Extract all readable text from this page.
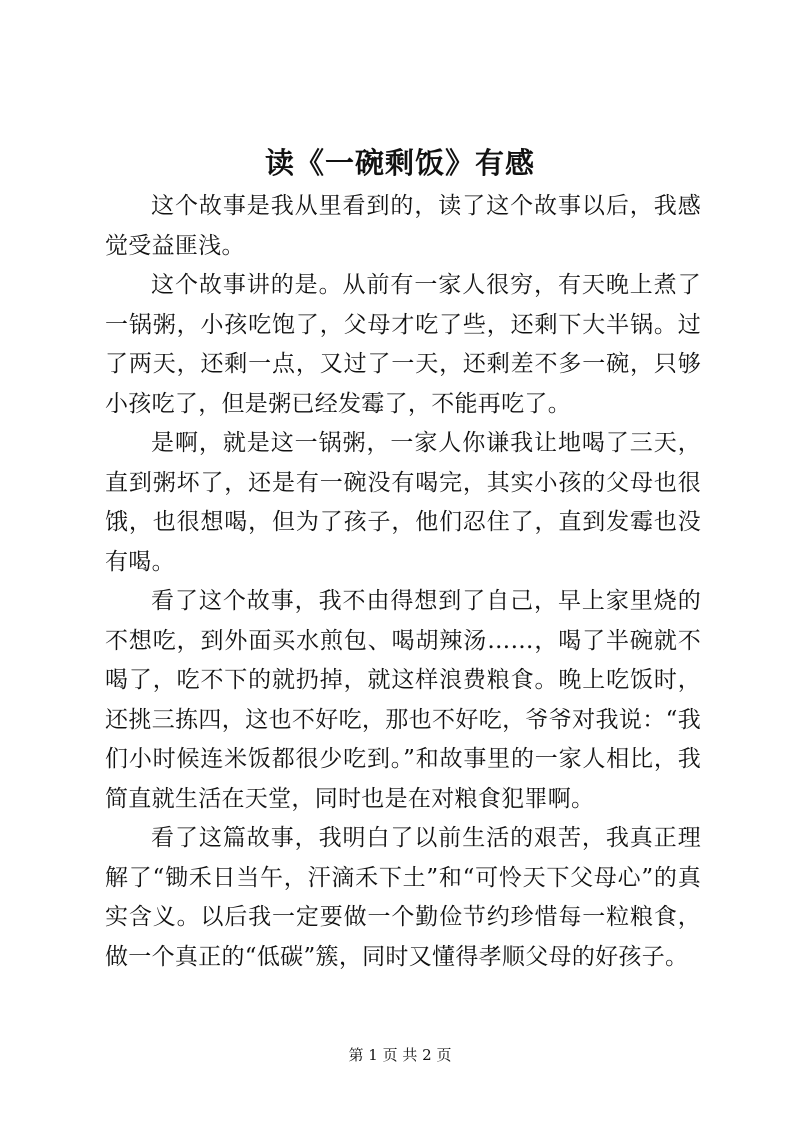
读《一碗剩饭》有感

这个故事是我从里看到的，读了这个故事以后，我感觉受益匪浅。

这个故事讲的是。从前有一家人很穷，有天晚上煮了一锅粥，小孩吃饱了，父母才吃了些，还剩下大半锅。过了两天，还剩一点，又过了一天，还剩差不多一碗，只够小孩吃了，但是粥已经发霉了，不能再吃了。

是啊，就是这一锅粥，一家人你谦我让地喝了三天，直到粥坏了，还是有一碗没有喝完，其实小孩的父母也很饿，也很想喝，但为了孩子，他们忍住了，直到发霉也没有喝。

看了这个故事，我不由得想到了自己，早上家里烧的不想吃，到外面买水煎包、喝胡辣汤……，喝了半碗就不喝了，吃不下的就扔掉，就这样浪费粮食。晚上吃饭时，还挑三拣四，这也不好吃，那也不好吃，爷爷对我说：“我们小时候连米饭都很少吃到。”和故事里的一家人相比，我简直就生活在天堂，同时也是在对粮食犯罪啊。

看了这篇故事，我明白了以前生活的艰苦，我真正理解了“锄禾日当午，汗滴禾下土”和“可怜天下父母心”的真实含义。以后我一定要做一个勤俭节约珍惜每一粒粮食，做一个真正的“低碳”簇，同时又懂得孝顺父母的好孩子。

第 1 页 共 2 页
